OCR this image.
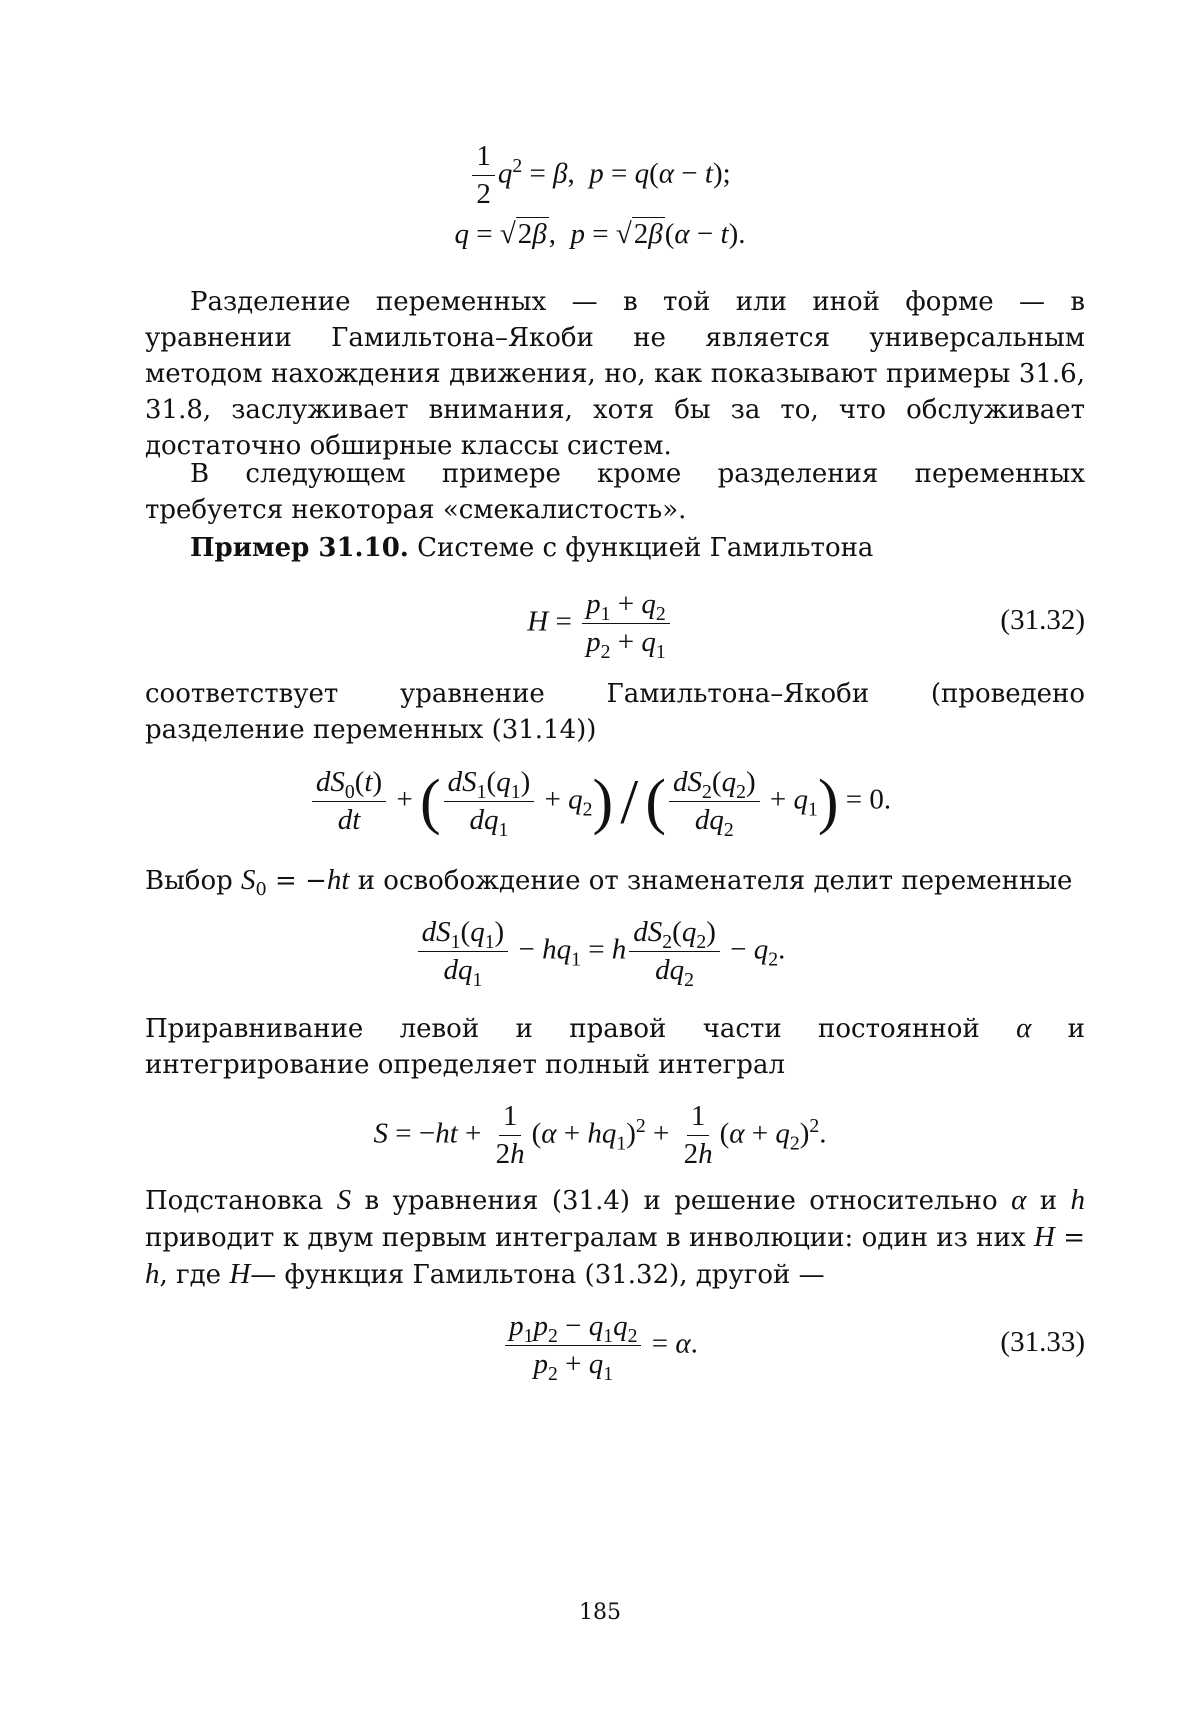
$\frac{1}{2} q^2 = \beta$,  p = q(α − t);
q = √2β,  p = √2β(α − t).
Разделение переменных — в той или иной форме — в уравнении Гамильтона–Якоби не является универсальным методом нахождения движения, но, как показывают примеры 31.6, 31.8, заслуживает внимания, хотя бы за то, что обслуживает достаточно обширные классы систем.
В следующем примере кроме разделения переменных требуется некоторая «смекалистость».
Пример 31.10. Системе с функцией Гамильтона
$H = \frac{p_1 + q_2}{p_2 + q_1}$	(31.32)
соответствует уравнение Гамильтона–Якоби (проведено разделение переменных (31.14))
$\frac{dS_0(t)}{dt}$ + ( $\frac{dS_1(q_1)}{dq_1} + q_2$) / ( $\frac{dS_2(q_2)}{dq_2} + q_1) = 0$.
Выбор $S_0 = -ht$ и освобождение от знаменателя делит переменные
$\frac{dS_1(q_1)}{dq_1} - hq_1 = h \frac{dS_2(q_2)}{dq_2} - q_2$.
Приравнивание левой и правой части постоянной α и интегрирование определяет полный интеграл
$S = -ht + \frac{1}{2h} (\alpha + hq_1)^2 + \frac{1}{2h} (\alpha + q_2)^2$.
Подстановка S в уравнения (31.4) и решение относительно α и h приводит к двум первым интегралам в инволюции: один из них H = h, где H— функция Гамильтона (31.32), другой —
$\frac{p_1p_2 - q_1q_2}{p_2 + q_1} = \alpha$.	(31.33)
185
